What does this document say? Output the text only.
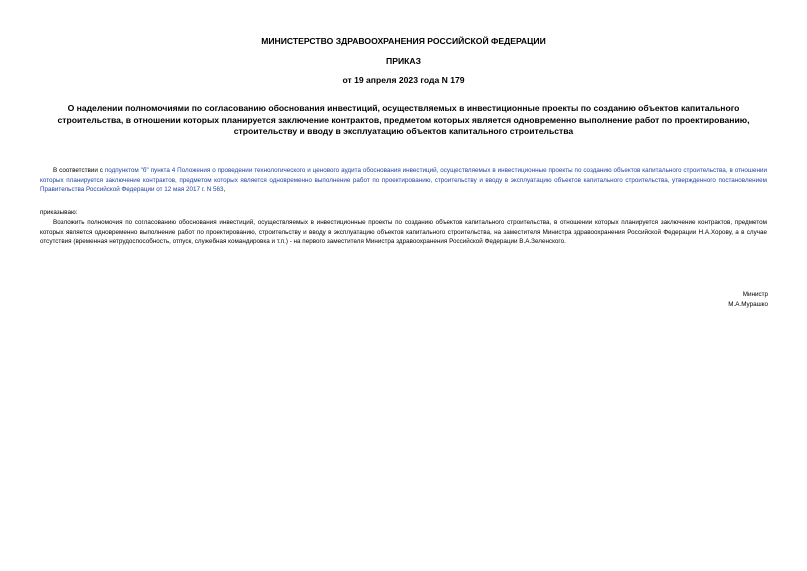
МИНИСТЕРСТВО ЗДРАВООХРАНЕНИЯ РОССИЙСКОЙ ФЕДЕРАЦИИ
ПРИКАЗ
от 19 апреля 2023 года N 179
О наделении полномочиями по согласованию обоснования инвестиций, осуществляемых в инвестиционные проекты по созданию объектов капитального строительства, в отношении которых планируется заключение контрактов, предметом которых является одновременно выполнение работ по проектированию, строительству и вводу в эксплуатацию объектов капитального строительства
В соответствии с подпунктом "б" пункта 4 Положения о проведении технологического и ценового аудита обоснования инвестиций, осуществляемых в инвестиционные проекты по созданию объектов капитального строительства, в отношении которых планируется заключение контрактов, предметом которых является одновременно выполнение работ по проектированию, строительству и вводу в эксплуатацию объектов капитального строительства, утвержденного постановлением Правительства Российской Федерации от 12 мая 2017 г. N 563,
приказываю:
Возложить полномочия по согласованию обоснования инвестиций, осуществляемых в инвестиционные проекты по созданию объектов капитального строительства, в отношении которых планируется заключение контрактов, предметом которых является одновременно выполнение работ по проектированию, строительству и вводу в эксплуатацию объектов капитального строительства, на заместителя Министра здравоохранения Российской Федерации Н.А.Хорову, а в случае отсутствия (временная нетрудоспособность, отпуск, служебная командировка и т.п.) - на первого заместителя Министра здравоохранения Российской Федерации В.А.Зеленского.
Министр
М.А.Мурашко
